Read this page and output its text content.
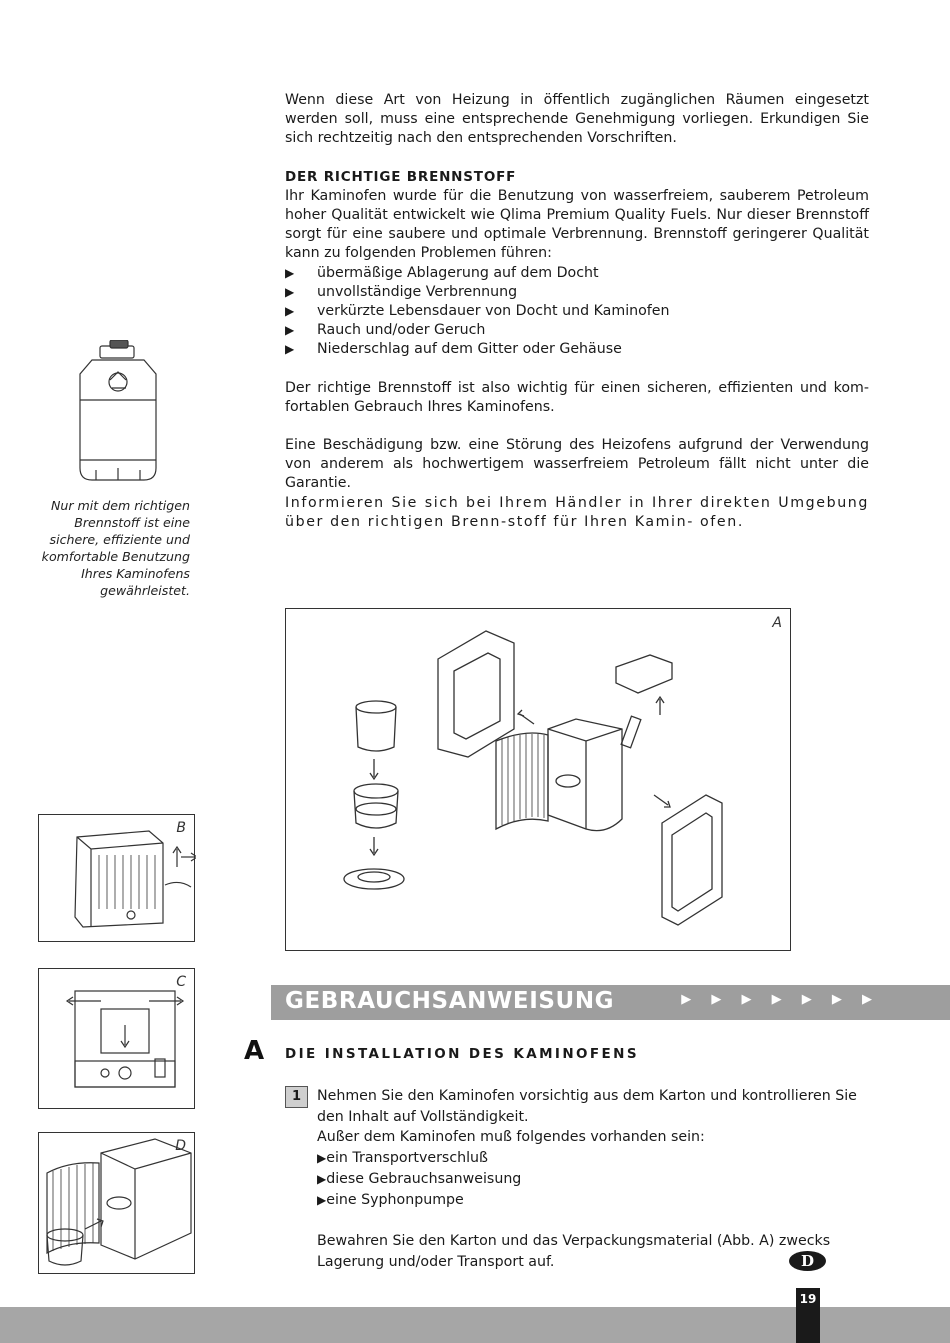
Wenn diese Art von Heizung in öffentlich zugänglichen Räumen eingesetzt werden soll, muss eine entsprechende Genehmigung vorliegen. Erkundigen Sie sich rechtzeitig nach den entsprechenden Vorschriften.

DER RICHTIGE BRENNSTOFF

Ihr Kaminofen wurde für die Benutzung von wasserfreiem, sauberem Petroleum hoher Qualität entwickelt wie Qlima Premium Quality Fuels. Nur dieser Brennstoff sorgt für eine saubere und optimale Verbrennung. Brennstoff geringerer Qualität kann zu folgenden Problemen führen:

▶ übermäßige Ablagerung auf dem Docht
▶ unvollständige Verbrennung
▶ verkürzte Lebensdauer von Docht und Kaminofen
▶ Rauch und/oder Geruch
▶ Niederschlag auf dem Gitter oder Gehäuse

Der richtige Brennstoff ist also wichtig für einen sicheren, effizienten und kom-fortablen Gebrauch Ihres Kaminofens.

Eine Beschädigung bzw. eine Störung des Heizofens aufgrund der Verwendung von anderem als hochwertigem wasserfreiem Petroleum fällt nicht unter die Garantie.

Informieren Sie sich bei Ihrem Händler in Ihrer direkten Umgebung über den richtigen Brenn-stoff für Ihren Kamin- ofen.

Nur mit dem richtigen Brennstoff ist eine sichere, effiziente und komfortable Benutzung Ihres Kaminofens gewährleistet.
A
B
C
D
GEBRAUCHSANWEISUNG	▶ ▶ ▶ ▶ ▶ ▶ ▶
A DIE INSTALLATION DES KAMINOFENS
1	Nehmen Sie den Kaminofen vorsichtig aus dem Karton und kontrollieren Sie den Inhalt auf Vollständigkeit.

Außer dem Kaminofen muß folgendes vorhanden sein:

▶ ein Transportverschluß

▶ diese Gebrauchsanweisung

▶ eine Syphonpumpe

Bewahren Sie den Karton und das Verpackungsmaterial (Abb. A) zwecks Lagerung und/oder Transport auf.	D
19
